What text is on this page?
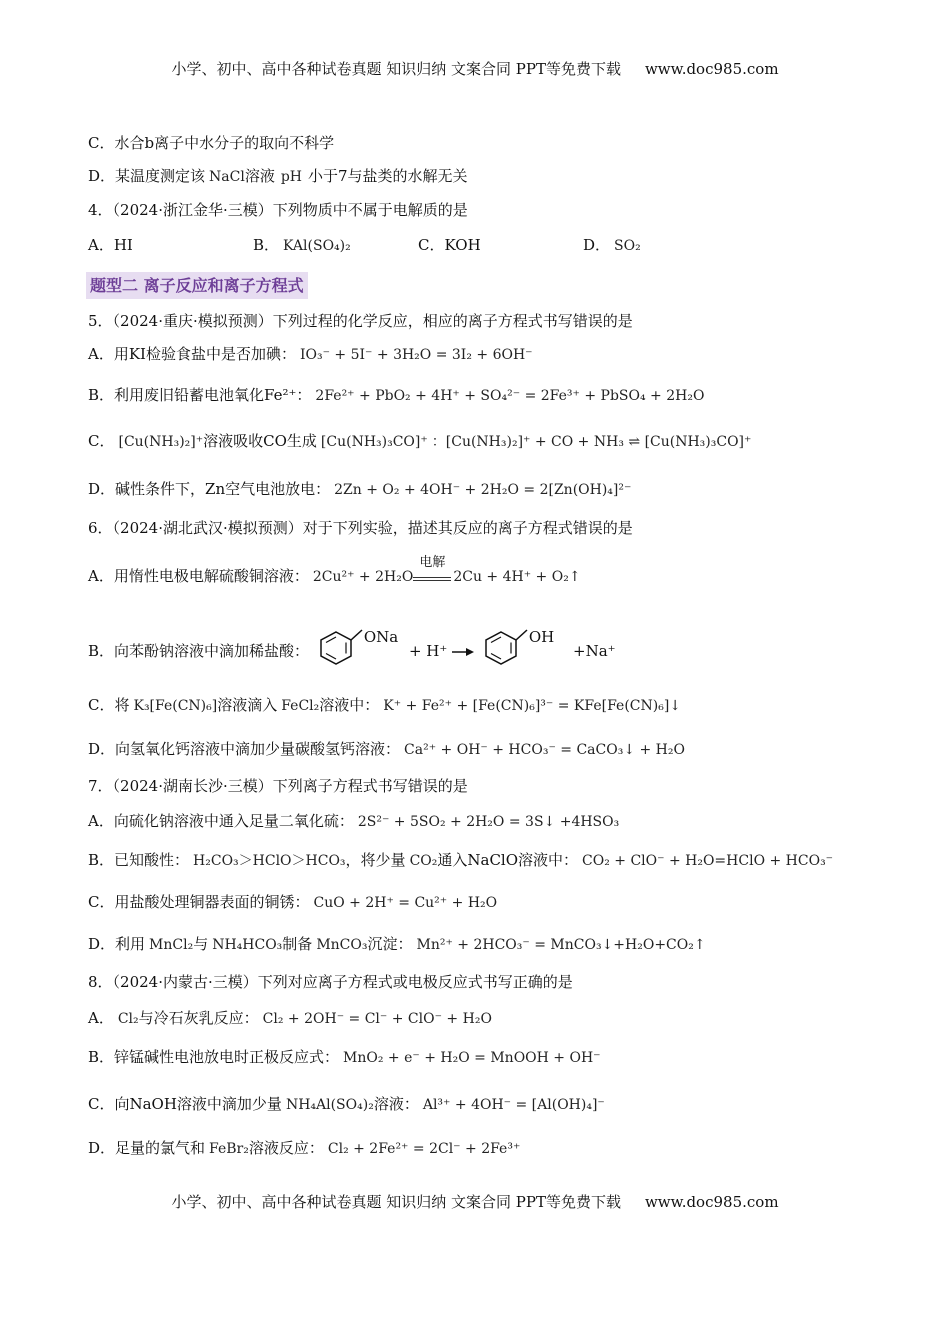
小学、初中、高中各种试卷真题 知识归纳 文案合同 PPT等免费下载 www.doc985.com
C．水合b离子中水分子的取向不科学
D．某温度测定该 NaCl溶液 pH 小于7与盐类的水解无关
4．（2024·浙江金华·三模）下列物质中不属于电解质的是
A．HI	B． KAl(SO₄)₂	C．KOH	D． SO₂
题型二 离子反应和离子方程式
5．（2024·重庆·模拟预测）下列过程的化学反应，相应的离子方程式书写错误的是
A．用KI检验食盐中是否加碘： IO₃⁻ + 5I⁻ + 3H₂O = 3I₂ + 6OH⁻
B．利用废旧铅蓄电池氧化Fe²⁺： 2Fe²⁺ + PbO₂ + 4H⁺ + SO₄²⁻ = 2Fe³⁺ + PbSO₄ + 2H₂O
C． [Cu(NH₃)₂]⁺溶液吸收CO生成 [Cu(NH₃)₃CO]⁺ ：[Cu(NH₃)₂]⁺ + CO + NH₃ ⇌ [Cu(NH₃)₃CO]⁺
D．碱性条件下，Zn空气电池放电： 2Zn + O₂ + 4OH⁻ + 2H₂O = 2[Zn(OH)₄]²⁻
6．（2024·湖北武汉·模拟预测）对于下列实验，描述其反应的离子方程式错误的是
A．用惰性电极电解硫酸铜溶液： 2Cu²⁺ + 2H₂O
电解
2Cu + 4H⁺ + O₂↑
B．向苯酚钠溶液中滴加稀盐酸： ONa + H⁺ → OH +Na⁺
C．将 K₃[Fe(CN)₆]溶液滴入 FeCl₂溶液中： K⁺ + Fe²⁺ + [Fe(CN)₆]³⁻ = KFe[Fe(CN)₆]↓
D．向氢氧化钙溶液中滴加少量碳酸氢钙溶液： Ca²⁺ + OH⁻ + HCO₃⁻ = CaCO₃↓ + H₂O
7．（2024·湖南长沙·三模）下列离子方程式书写错误的是
A．向硫化钠溶液中通入足量二氧化硫： 2S²⁻ + 5SO₂ + 2H₂O = 3S↓ +4HSO₃
B．已知酸性： H₂CO₃＞HClO＞HCO₃，将少量 CO₂通入NaClO溶液中： CO₂ + ClO⁻ + H₂O=HClO + HCO₃⁻
C．用盐酸处理铜器表面的铜锈： CuO + 2H⁺ = Cu²⁺ + H₂O
D．利用 MnCl₂与 NH₄HCO₃制备 MnCO₃沉淀： Mn²⁺ + 2HCO₃⁻ = MnCO₃↓+H₂O+CO₂↑
8．（2024·内蒙古·三模）下列对应离子方程式或电极反应式书写正确的是
A． Cl₂与冷石灰乳反应： Cl₂ + 2OH⁻ = Cl⁻ + ClO⁻ + H₂O
B．锌锰碱性电池放电时正极反应式： MnO₂ + e⁻ + H₂O = MnOOH + OH⁻
C．向NaOH溶液中滴加少量 NH₄Al(SO₄)₂溶液： Al³⁺ + 4OH⁻ = [Al(OH)₄]⁻
D．足量的氯气和 FeBr₂溶液反应： Cl₂ + 2Fe²⁺ = 2Cl⁻ + 2Fe³⁺
小学、初中、高中各种试卷真题 知识归纳 文案合同 PPT等免费下载 www.doc985.com
